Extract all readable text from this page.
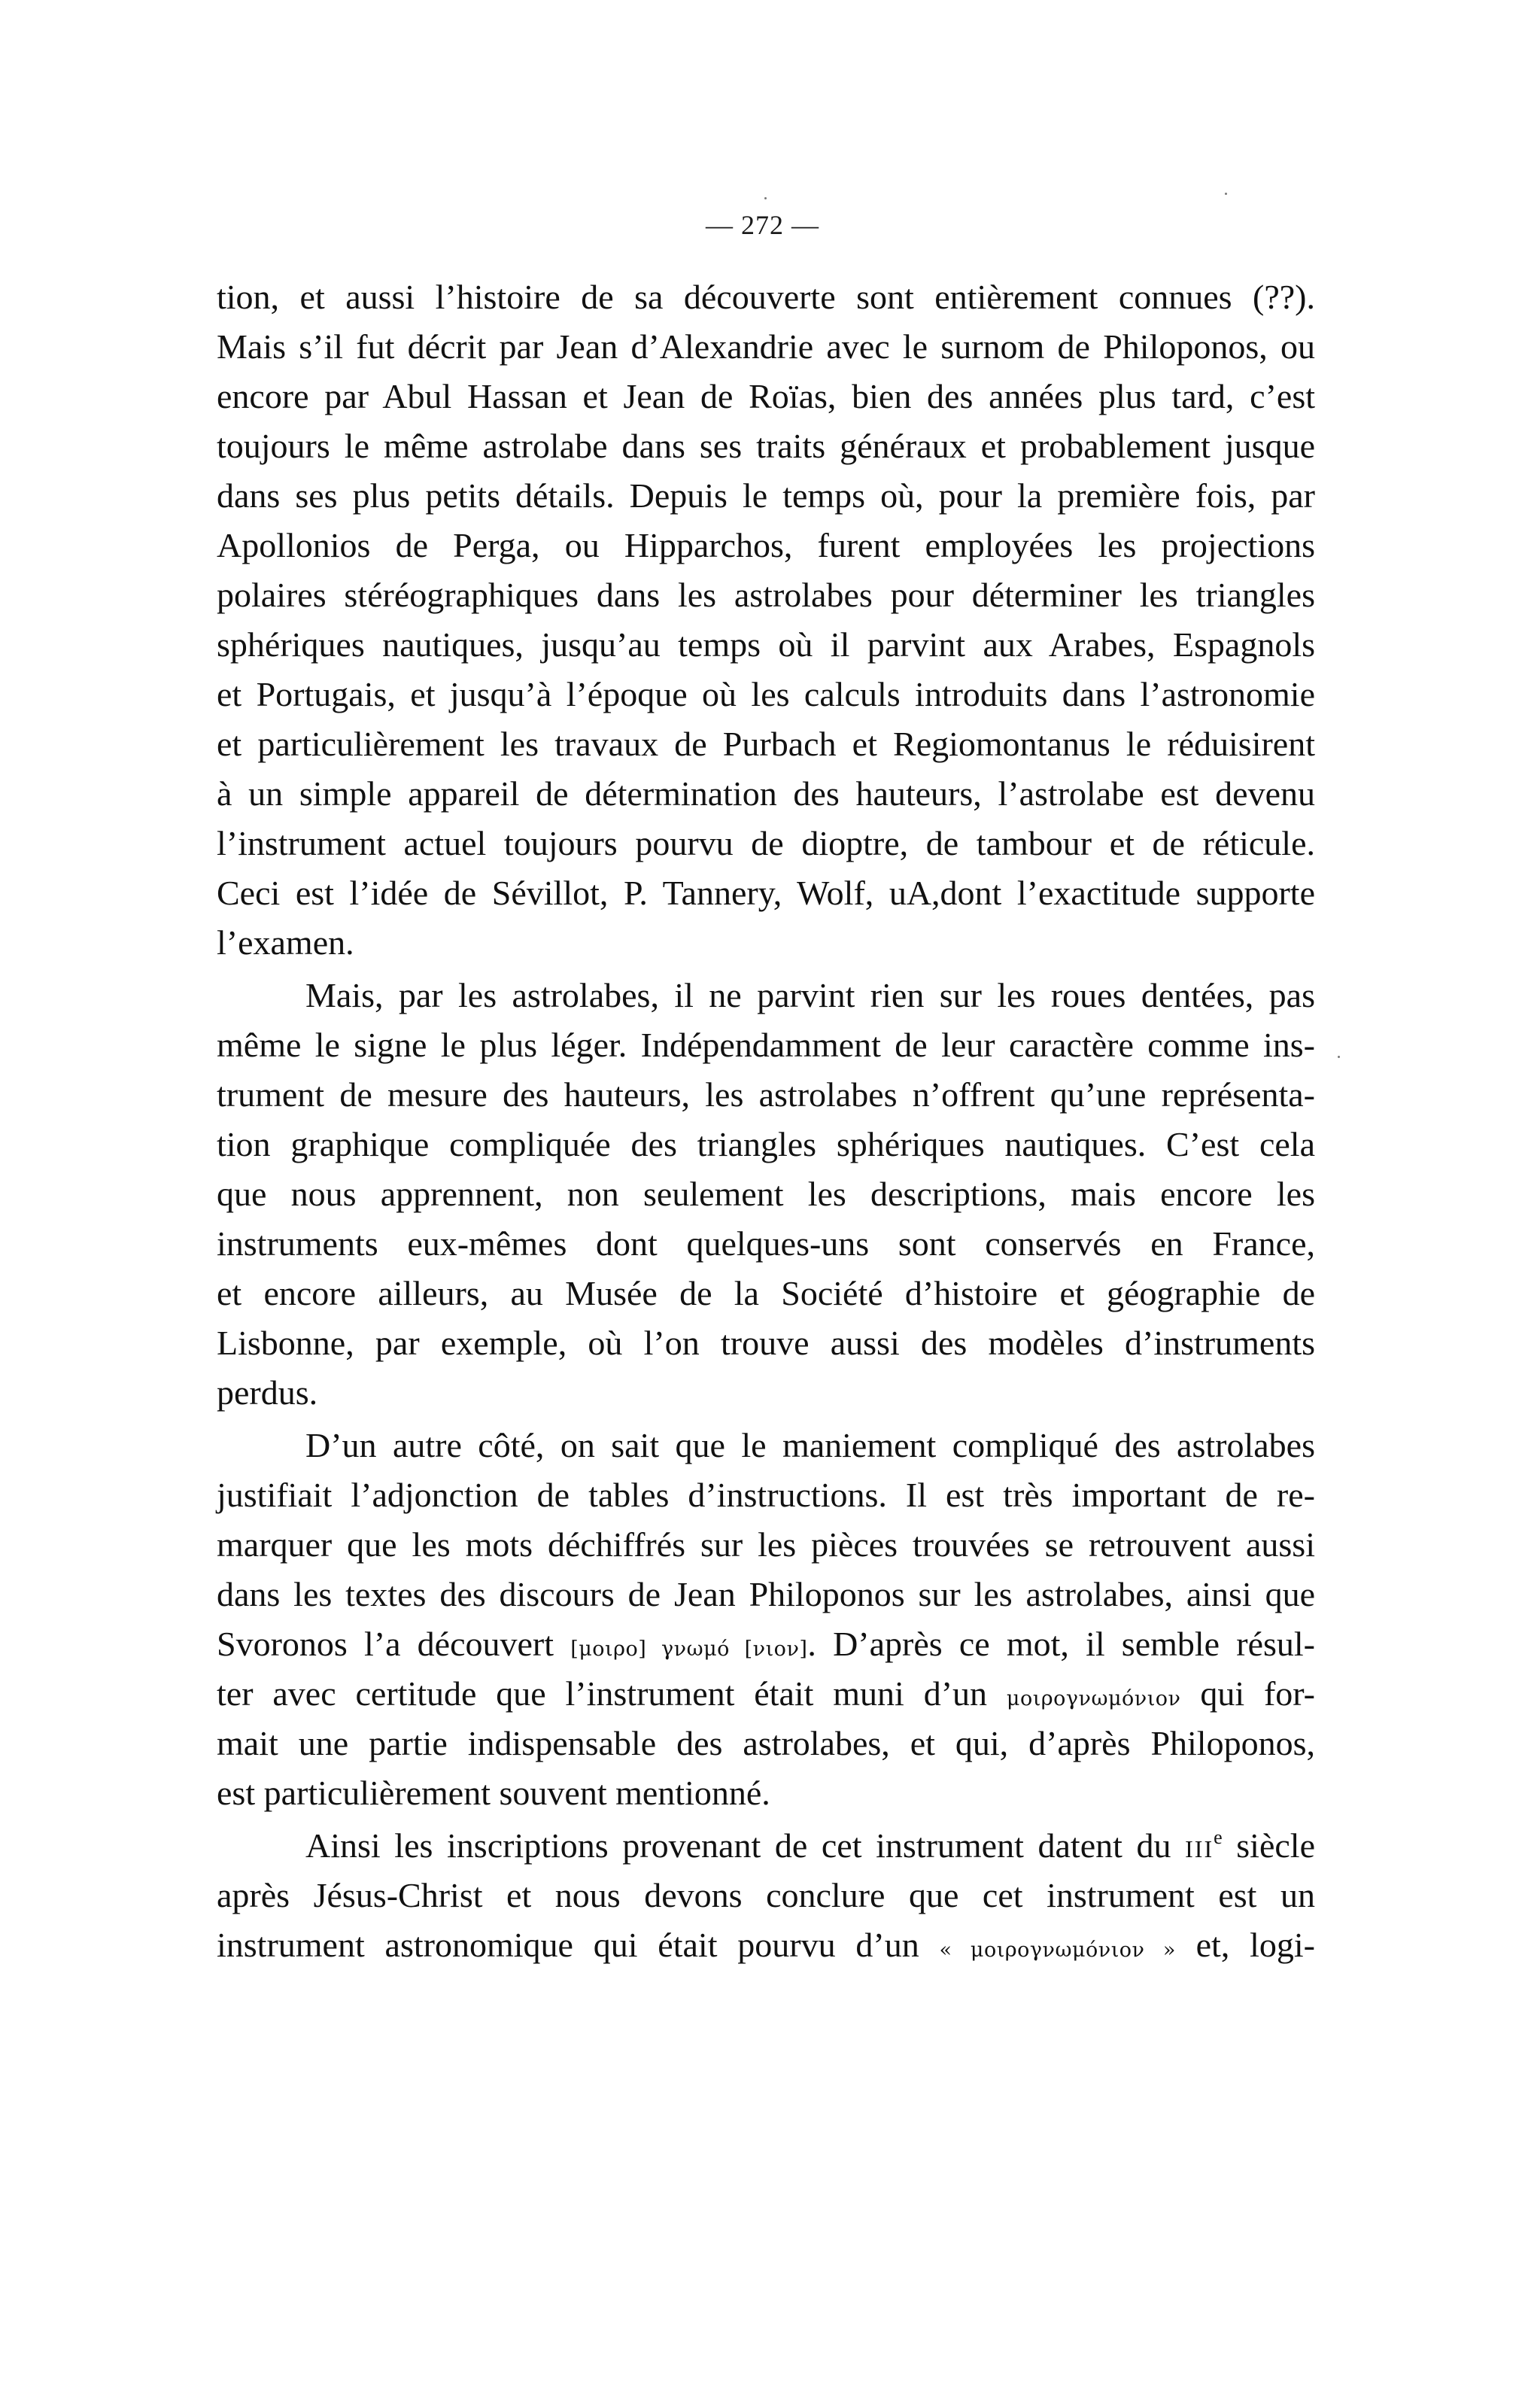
— 272 —
tion, et aussi l’histoire de sa découverte sont entièrement connues (??).
Mais s’il fut décrit par Jean d’Alexandrie avec le surnom de Philoponos, ou
encore par Abul Hassan et Jean de Roïas, bien des années plus tard, c’est
toujours le même astrolabe dans ses traits généraux et probablement jusque
dans ses plus petits détails. Depuis le temps où, pour la première fois, par
Apollonios de Perga, ou Hipparchos, furent employées les projections
polaires stéréographiques dans les astrolabes pour déterminer les triangles
sphériques nautiques, jusqu’au temps où il parvint aux Arabes, Espagnols
et Portugais, et jusqu’à l’époque où les calculs introduits dans l’astronomie
et particulièrement les travaux de Purbach et Regiomontanus le réduisirent
à un simple appareil de détermination des hauteurs, l’astrolabe est devenu
l’instrument actuel toujours pourvu de dioptre, de tambour et de réticule.
Ceci est l’idée de Sévillot, P. Tannery, Wolf, uA,dont l’exactitude supporte
l’examen.
Mais, par les astrolabes, il ne parvint rien sur les roues dentées, pas
même le signe le plus léger. Indépendamment de leur caractère comme ins-
trument de mesure des hauteurs, les astrolabes n’offrent qu’une représenta-
tion graphique compliquée des triangles sphériques nautiques. C’est cela
que nous apprennent, non seulement les descriptions, mais encore les
instruments eux-mêmes dont quelques-uns sont conservés en France,
et encore ailleurs, au Musée de la Société d’histoire et géographie de
Lisbonne, par exemple, où l’on trouve aussi des modèles d’instruments
perdus.
D’un autre côté, on sait que le maniement compliqué des astrolabes
justifiait l’adjonction de tables d’instructions. Il est très important de re-
marquer que les mots déchiffrés sur les pièces trouvées se retrouvent aussi
dans les textes des discours de Jean Philoponos sur les astrolabes, ainsi que
Svoronos l’a découvert [μοιρο] γνωμό [νιον]. D’après ce mot, il semble résul-
ter avec certitude que l’instrument était muni d’un μοιρογνωμόνιον qui for-
mait une partie indispensable des astrolabes, et qui, d’après Philoponos,
est particulièrement souvent mentionné.
Ainsi les inscriptions provenant de cet instrument datent du IIIe siècle
après Jésus-Christ et nous devons conclure que cet instrument est un
instrument astronomique qui était pourvu d’un « μοιρογνωμόνιον » et, logi-
